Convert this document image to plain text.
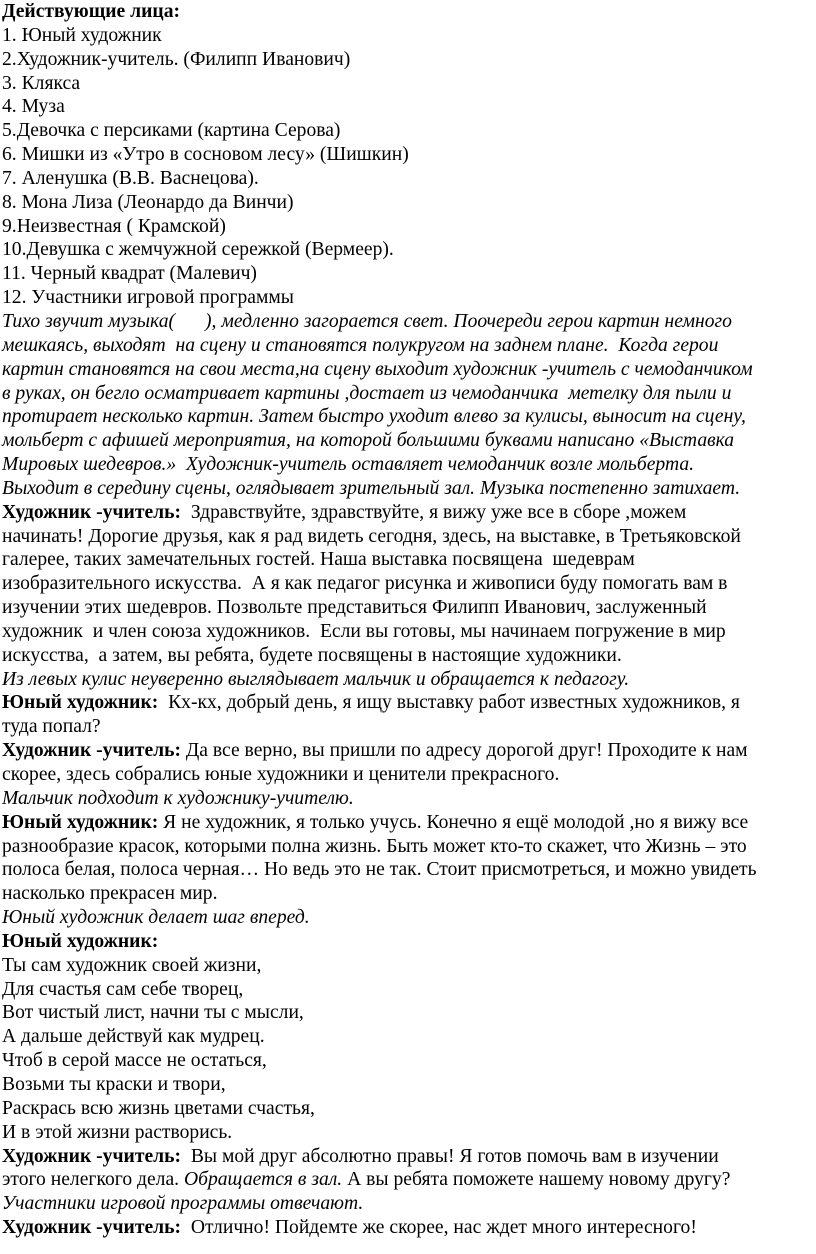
Действующие лица:

1. Юный художник

2.Художник-учитель. (Филипп Иванович)

3. Клякса

4. Муза

5.Девочка с персиками (картина Серова)

6. Мишки из «Утро в сосновом лесу» (Шишкин)

7. Аленушка (В.В. Васнецова).

8. Мона Лиза (Леонардо да Винчи)

9.Неизвестная ( Крамской)

10.Девушка с жемчужной сережкой (Вермеер).

11. Черный квадрат (Малевич)

12. Участники игровой программы

Тихо звучит музыка( ), медленно загорается свет. Поочереди герои картин немного

мешкаясь, выходят  на сцену и становятся полукругом на заднем плане.  Когда герои

картин становятся на свои места,на сцену выходит художник -учитель с чемоданчиком

в руках, он бегло осматривает картины ,достает из чемоданчика  метелку для пыли и

протирает несколько картин. Затем быстро уходит влево за кулисы, выносит на сцену,

мольберт с афишей мероприятия, на которой большими буквами написано «Выставка

Мировых шедевров.»  Художник-учитель оставляет чемоданчик возле мольберта.

Выходит в середину сцены, оглядывает зрительный зал. Музыка постепенно затихает.

Художник -учитель:  Здравствуйте, здравствуйте, я вижу уже все в сборе ,можем

начинать! Дорогие друзья, как я рад видеть сегодня, здесь, на выставке, в Третьяковской

галерее, таких замечательных гостей. Наша выставка посвящена  шедеврам

изобразительного искусства.  А я как педагог рисунка и живописи буду помогать вам в

изучении этих шедевров. Позвольте представиться Филипп Иванович, заслуженный

художник  и член союза художников.  Если вы готовы, мы начинаем погружение в мир

искусства,  а затем, вы ребята, будете посвящены в настоящие художники.

Из левых кулис неуверенно выглядывает мальчик и обращается к педагогу.

Юный художник:  Кх-кх, добрый день, я ищу выставку работ известных художников, я

туда попал?

Художник -учитель: Да все верно, вы пришли по адресу дорогой друг! Проходите к нам

скорее, здесь собрались юные художники и ценители прекрасного.

Мальчик подходит к художнику-учителю.

Юный художник: Я не художник, я только учусь. Конечно я ещё молодой ,но я вижу все

разнообразие красок, которыми полна жизнь. Быть может кто-то скажет, что Жизнь – это

полоса белая, полоса черная… Но ведь это не так. Стоит присмотреться, и можно увидеть

насколько прекрасен мир.

Юный художник делает шаг вперед.

Юный художник:

Ты сам художник своей жизни,

Для счастья сам себе творец,

Вот чистый лист, начни ты с мысли,

А дальше действуй как мудрец.

Чтоб в серой массе не остаться,

Возьми ты краски и твори,

Раскрась всю жизнь цветами счастья,

И в этой жизни растворись.

Художник -учитель:  Вы мой друг абсолютно правы! Я готов помочь вам в изучении

этого нелегкого дела. Обращается в зал. А вы ребята поможете нашему новому другу?

Участники игровой программы отвечают.

Художник -учитель:  Отлично! Пойдемте же скорее, нас ждет много интересного!
